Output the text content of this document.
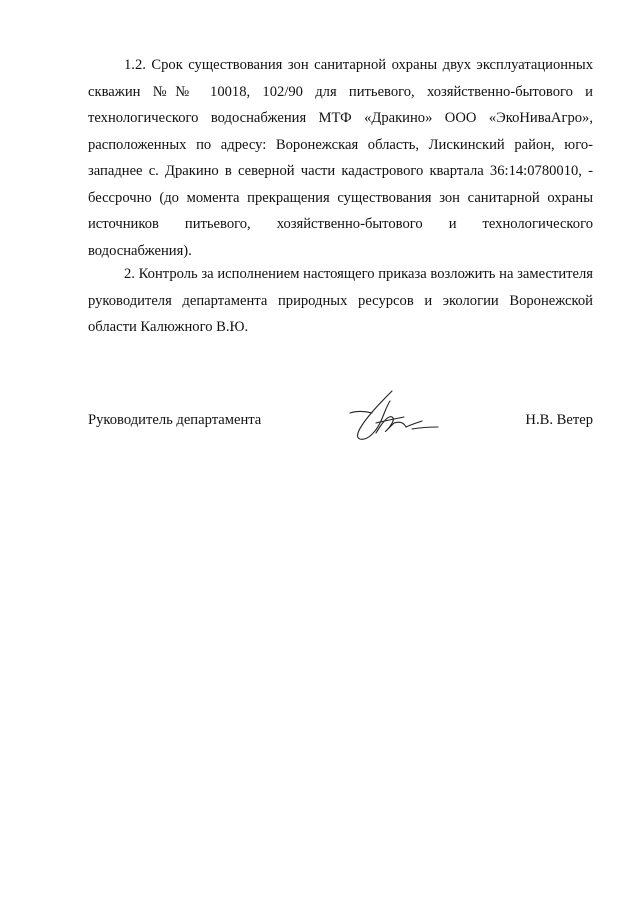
1.2. Срок существования зон санитарной охраны двух эксплуатационных скважин №№ 10018, 102/90 для питьевого, хозяйственно-бытового и технологического водоснабжения МТФ «Дракино» ООО «ЭкоНиваАгро», расположенных по адресу: Воронежская область, Лискинский район, юго-западнее с. Дракино в северной части кадастрового квартала 36:14:0780010, - бессрочно (до момента прекращения существования зон санитарной охраны источников питьевого, хозяйственно-бытового и технологического водоснабжения).

2. Контроль за исполнением настоящего приказа возложить на заместителя руководителя департамента природных ресурсов и экологии Воронежской области Калюжного В.Ю.

Руководитель департамента	Н.В. Ветер
